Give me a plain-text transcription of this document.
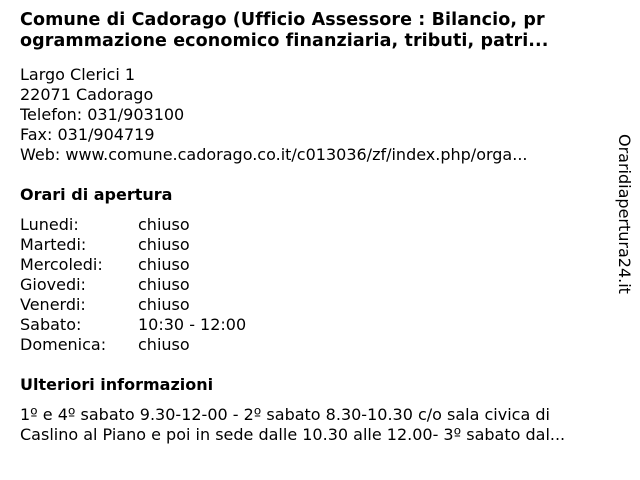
Comune di Cadorago (Ufficio Assessore : Bilancio, pr
ogrammazione economico finanziaria, tributi, patri...
Largo Clerici 1
22071 Cadorago
Telefon: 031/903100
Fax: 031/904719
Web: www.comune.cadorago.co.it/c013036/zf/index.php/orga...
Orari di apertura
Lunedi:	chiuso
Martedi:	chiuso
Mercoledi:	chiuso
Giovedi:	chiuso
Venerdi:	chiuso
Sabato:	10:30 - 12:00
Domenica:	chiuso
Ulteriori informazioni
1º e 4º sabato 9.30-12-00 - 2º sabato 8.30-10.30 c/o sala civica di
Caslino al Piano e poi in sede dalle 10.30 alle 12.00- 3º sabato dal...
Oraridiapertura24.it
